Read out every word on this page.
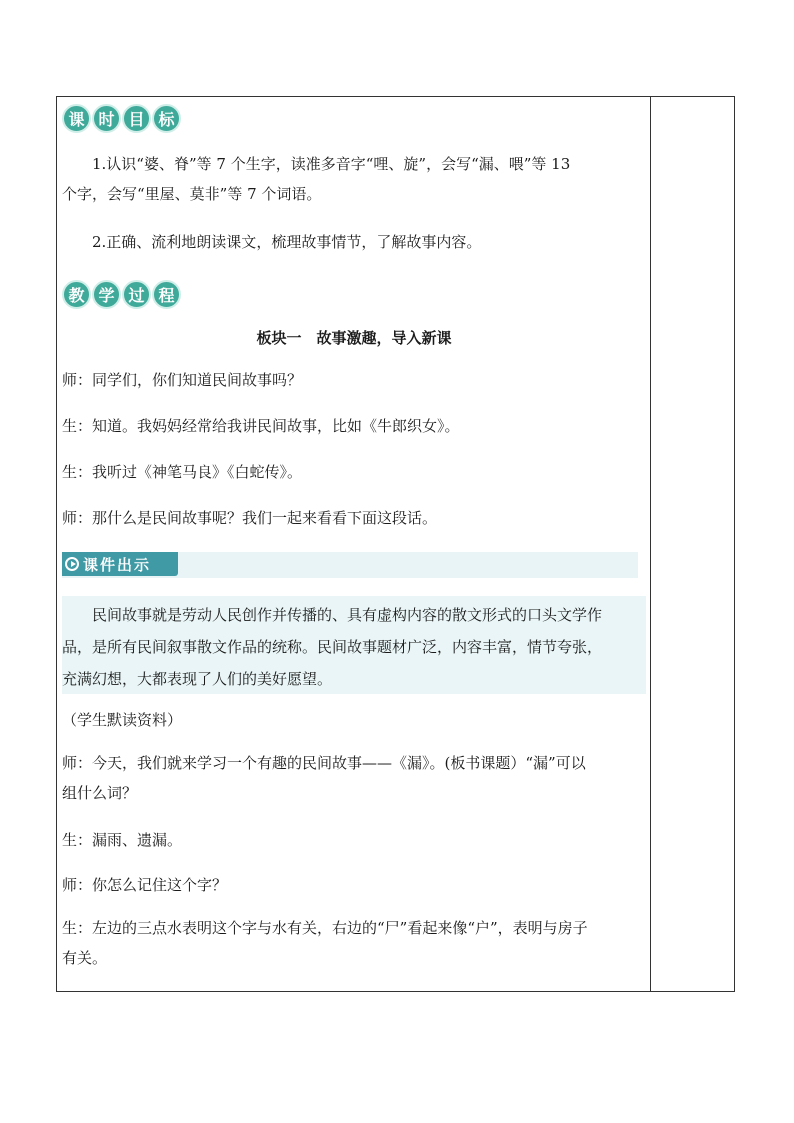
课 时 目 标
1.认识“婆、脊”等 7 个生字，读准多音字“哩、旋”，会写“漏、喂”等 13
个字，会写“里屋、莫非”等 7 个词语。
2.正确、流利地朗读课文，梳理故事情节，了解故事内容。
教 学 过 程
板块一　故事激趣，导入新课
师：同学们，你们知道民间故事吗？
生：知道。我妈妈经常给我讲民间故事，比如《牛郎织女》。
生：我听过《神笔马良》《白蛇传》。
师：那什么是民间故事呢？我们一起来看看下面这段话。
课件出示
民间故事就是劳动人民创作并传播的、具有虚构内容的散文形式的口头文学作
品，是所有民间叙事散文作品的统称。民间故事题材广泛，内容丰富，情节夸张，
充满幻想，大都表现了人们的美好愿望。
（学生默读资料）
师：今天，我们就来学习一个有趣的民间故事——《漏》。(板书课题）“漏”可以
组什么词？
生：漏雨、遗漏。
师：你怎么记住这个字？
生：左边的三点水表明这个字与水有关，右边的“尸”看起来像“户”，表明与房子
有关。
